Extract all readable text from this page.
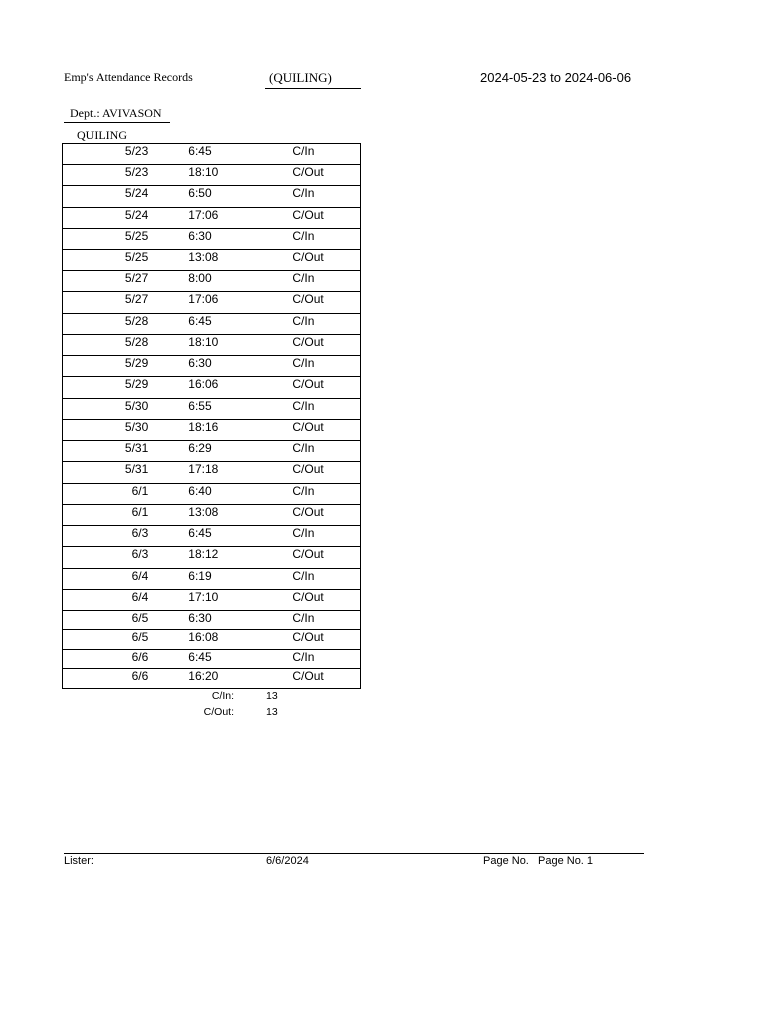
Emp's Attendance Records	(QUILING)	2024-05-23 to 2024-06-06
Dept.: AVIVASON
QUILING
5/23	6:45	C/In
5/23	18:10	C/Out
5/24	6:50	C/In
5/24	17:06	C/Out
5/25	6:30	C/In
5/25	13:08	C/Out
5/27	8:00	C/In
5/27	17:06	C/Out
5/28	6:45	C/In
5/28	18:10	C/Out
5/29	6:30	C/In
5/29	16:06	C/Out
5/30	6:55	C/In
5/30	18:16	C/Out
5/31	6:29	C/In
5/31	17:18	C/Out
6/1	6:40	C/In
6/1	13:08	C/Out
6/3	6:45	C/In
6/3	18:12	C/Out
6/4	6:19	C/In
6/4	17:10	C/Out
6/5	6:30	C/In
6/5	16:08	C/Out
6/6	6:45	C/In
6/6	16:20	C/Out
C/In:	13
C/Out:	13
Lister:	6/6/2024	Page No. Page No. 1
